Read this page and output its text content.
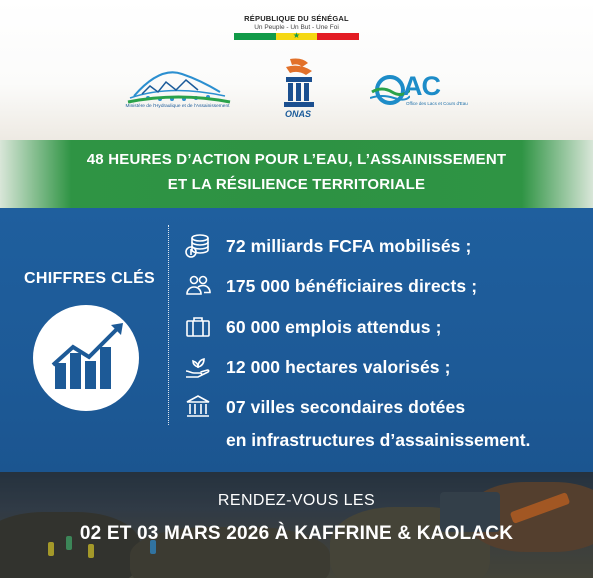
RÉPUBLIQUE DU SÉNÉGAL
Un Peuple - Un But - Une Foi
★
Ministère de l'Hydraulique et de l'Assainissement
ONAS
AC
Office des Lacs et Cours d'Eau
48 HEURES D’ACTION POUR L’EAU, L’ASSAINISSEMENT
ET LA RÉSILIENCE TERRITORIALE
CHIFFRES CLÉS
72 milliards FCFA mobilisés ;
175 000 bénéficiaires directs ;
60 000 emplois attendus ;
12 000 hectares valorisés ;
07 villes secondaires dotées
en infrastructures d’assainissement.
RENDEZ-VOUS LES
02 ET 03 MARS 2026 À KAFFRINE & KAOLACK
